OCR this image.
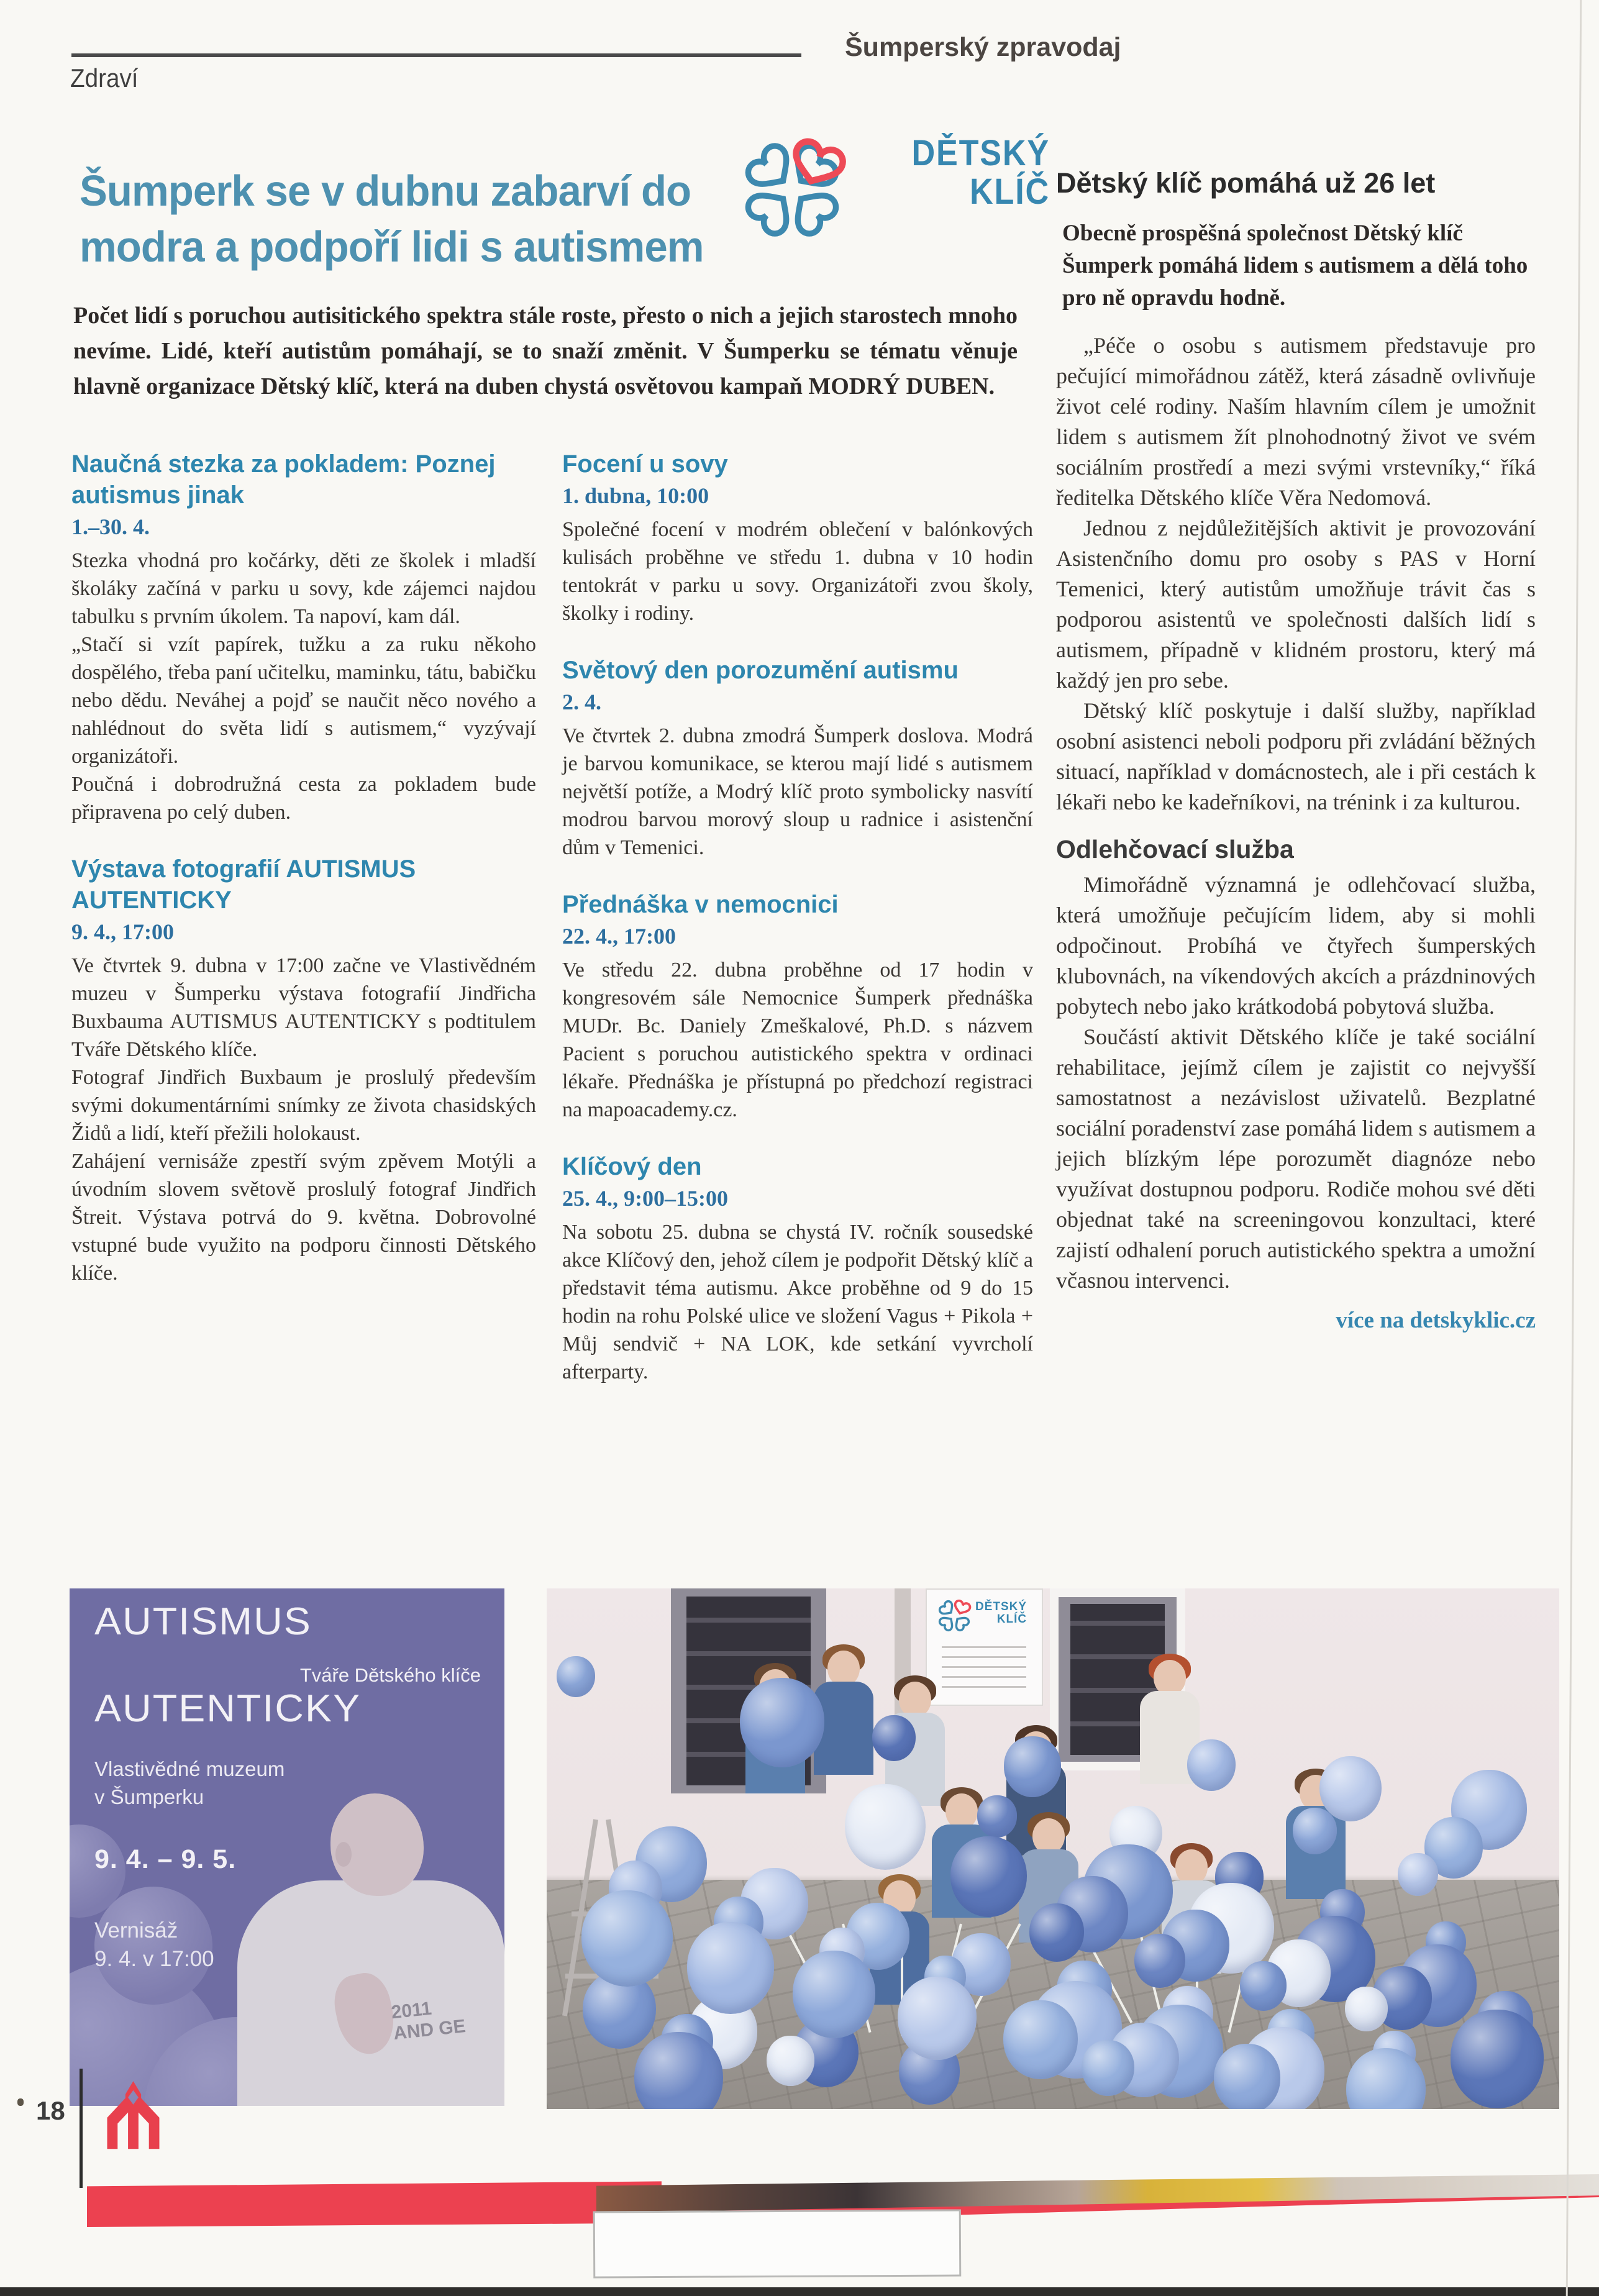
Zdraví
Šumperský zpravodaj
Šumperk se v dubnu zabarví do
modra a podpoří lidi s autismem
DĚTSKÝ
KLÍČ
Počet lidí s poruchou autisitického spektra stále roste, přesto o nich a jejich starostech mnoho nevíme. Lidé, kteří autistům pomáhají, se to snaží změnit. V Šumperku se tématu věnuje hlavně organizace Dětský klíč, která na duben chystá osvětovou kampaň MODRÝ DUBEN.
Naučná stezka za pokladem: Poznej autismus jinak
1.–30. 4.

Stezka vhodná pro kočárky, děti ze školek i mladší školáky začíná v parku u sovy, kde zájemci najdou tabulku s prvním úkolem. Ta napoví, kam dál.

„Stačí si vzít papírek, tužku a za ruku někoho dospělého, třeba paní učitelku, maminku, tátu, babičku nebo dědu. Neváhej a pojď se naučit něco nového a nahlédnout do světa lidí s autismem,“ vyzývají organizátoři.

Poučná i dobrodružná cesta za pokladem bude připravena po celý duben.

Výstava fotografií AUTISMUS AUTENTICKY
9. 4., 17:00

Ve čtvrtek 9. dubna v 17:00 začne ve Vlastivědném muzeu v Šumperku výstava fotografií Jindřicha Buxbauma AUTISMUS AUTENTICKY s podtitulem Tváře Dětského klíče.

Fotograf Jindřich Buxbaum je proslulý především svými dokumentárními snímky ze života chasidských Židů a lidí, kteří přežili holokaust.

Zahájení vernisáže zpestří svým zpěvem Motýli a úvodním slovem světově proslulý fotograf Jindřich Štreit. Výstava potrvá do 9. května. Dobrovolné vstupné bude využito na podporu činnosti Dětského klíče.

Focení u sovy
1. dubna, 10:00

Společné focení v modrém oblečení v balónkových kulisách proběhne ve středu 1. dubna v 10 hodin tentokrát v parku u sovy. Organizátoři zvou školy, školky i rodiny.

Světový den porozumění autismu
2. 4.

Ve čtvrtek 2. dubna zmodrá Šumperk doslova. Modrá je barvou komunikace, se kterou mají lidé s autismem největší potíže, a Modrý klíč proto symbolicky nasvítí modrou barvou morový sloup u radnice i asistenční dům v Temenici.

Přednáška v nemocnici
22. 4., 17:00

Ve středu 22. dubna proběhne od 17 hodin v kongresovém sále Nemocnice Šumperk přednáška MUDr. Bc. Daniely Zmeškalové, Ph.D. s názvem Pacient s poruchou autistického spektra v ordinaci lékaře. Přednáška je přístupná po předchozí registraci na mapoacademy.cz.

Klíčový den
25. 4., 9:00–15:00

Na sobotu 25. dubna se chystá IV. ročník sousedské akce Klíčový den, jehož cílem je podpořit Dětský klíč a představit téma autismu. Akce proběhne od 9 do 15 hodin na rohu Polské ulice ve složení Vagus + Pikola + Můj sendvič + NA LOK, kde setkání vyvrcholí afterparty.

Dětský klíč pomáhá už 26 let
Obecně prospěšná společnost Dětský klíč Šumperk pomáhá lidem s autismem a dělá toho pro ně opravdu hodně.

„Péče o osobu s autismem představuje pro pečující mimořádnou zátěž, která zásadně ovlivňuje život celé rodiny. Naším hlavním cílem je umožnit lidem s autismem žít plnohodnotný život ve svém sociálním prostředí a mezi svými vrstevníky,“ říká ředitelka Dětského klíče Věra Nedomová.

Jednou z nejdůležitějších aktivit je provozování Asistenčního domu pro osoby s PAS v Horní Temenici, který autistům umožňuje trávit čas s podporou asistentů ve společnosti dalších lidí s autismem, případně v klidném prostoru, který má každý jen pro sebe.

Dětský klíč poskytuje i další služby, například osobní asistenci neboli podporu při zvládání běžných situací, například v domácnostech, ale i při cestách k lékaři nebo ke kadeřníkovi, na trénink i za kulturou.

Odlehčovací služba

Mimořádně významná je odlehčovací služba, která umožňuje pečujícím lidem, aby si mohli odpočinout. Probíhá ve čtyřech šumperských klubovnách, na víkendových akcích a prázdninových pobytech nebo jako krátkodobá pobytová služba.

Součástí aktivit Dětského klíče je také sociální rehabilitace, jejímž cílem je zajistit co nejvyšší samostatnost a nezávislost uživatelů. Bezplatné sociální poradenství zase pomáhá lidem s autismem a jejich blízkým lépe porozumět diagnóze nebo využívat dostupnou podporu. Rodiče mohou své děti objednat také na screeningovou konzultaci, které zajistí odhalení poruch autistického spektra a umožní včasnou intervenci.

více na detskyklic.cz
2011 AND GE
AUTISMUS
Tváře Dětského klíče
AUTENTICKY
Vlastivědné muzeum
v Šumperku
9. 4. – 9. 5.
Vernisáž
9. 4. v 17:00
DĚTSKÝ
KLÍČ
18
